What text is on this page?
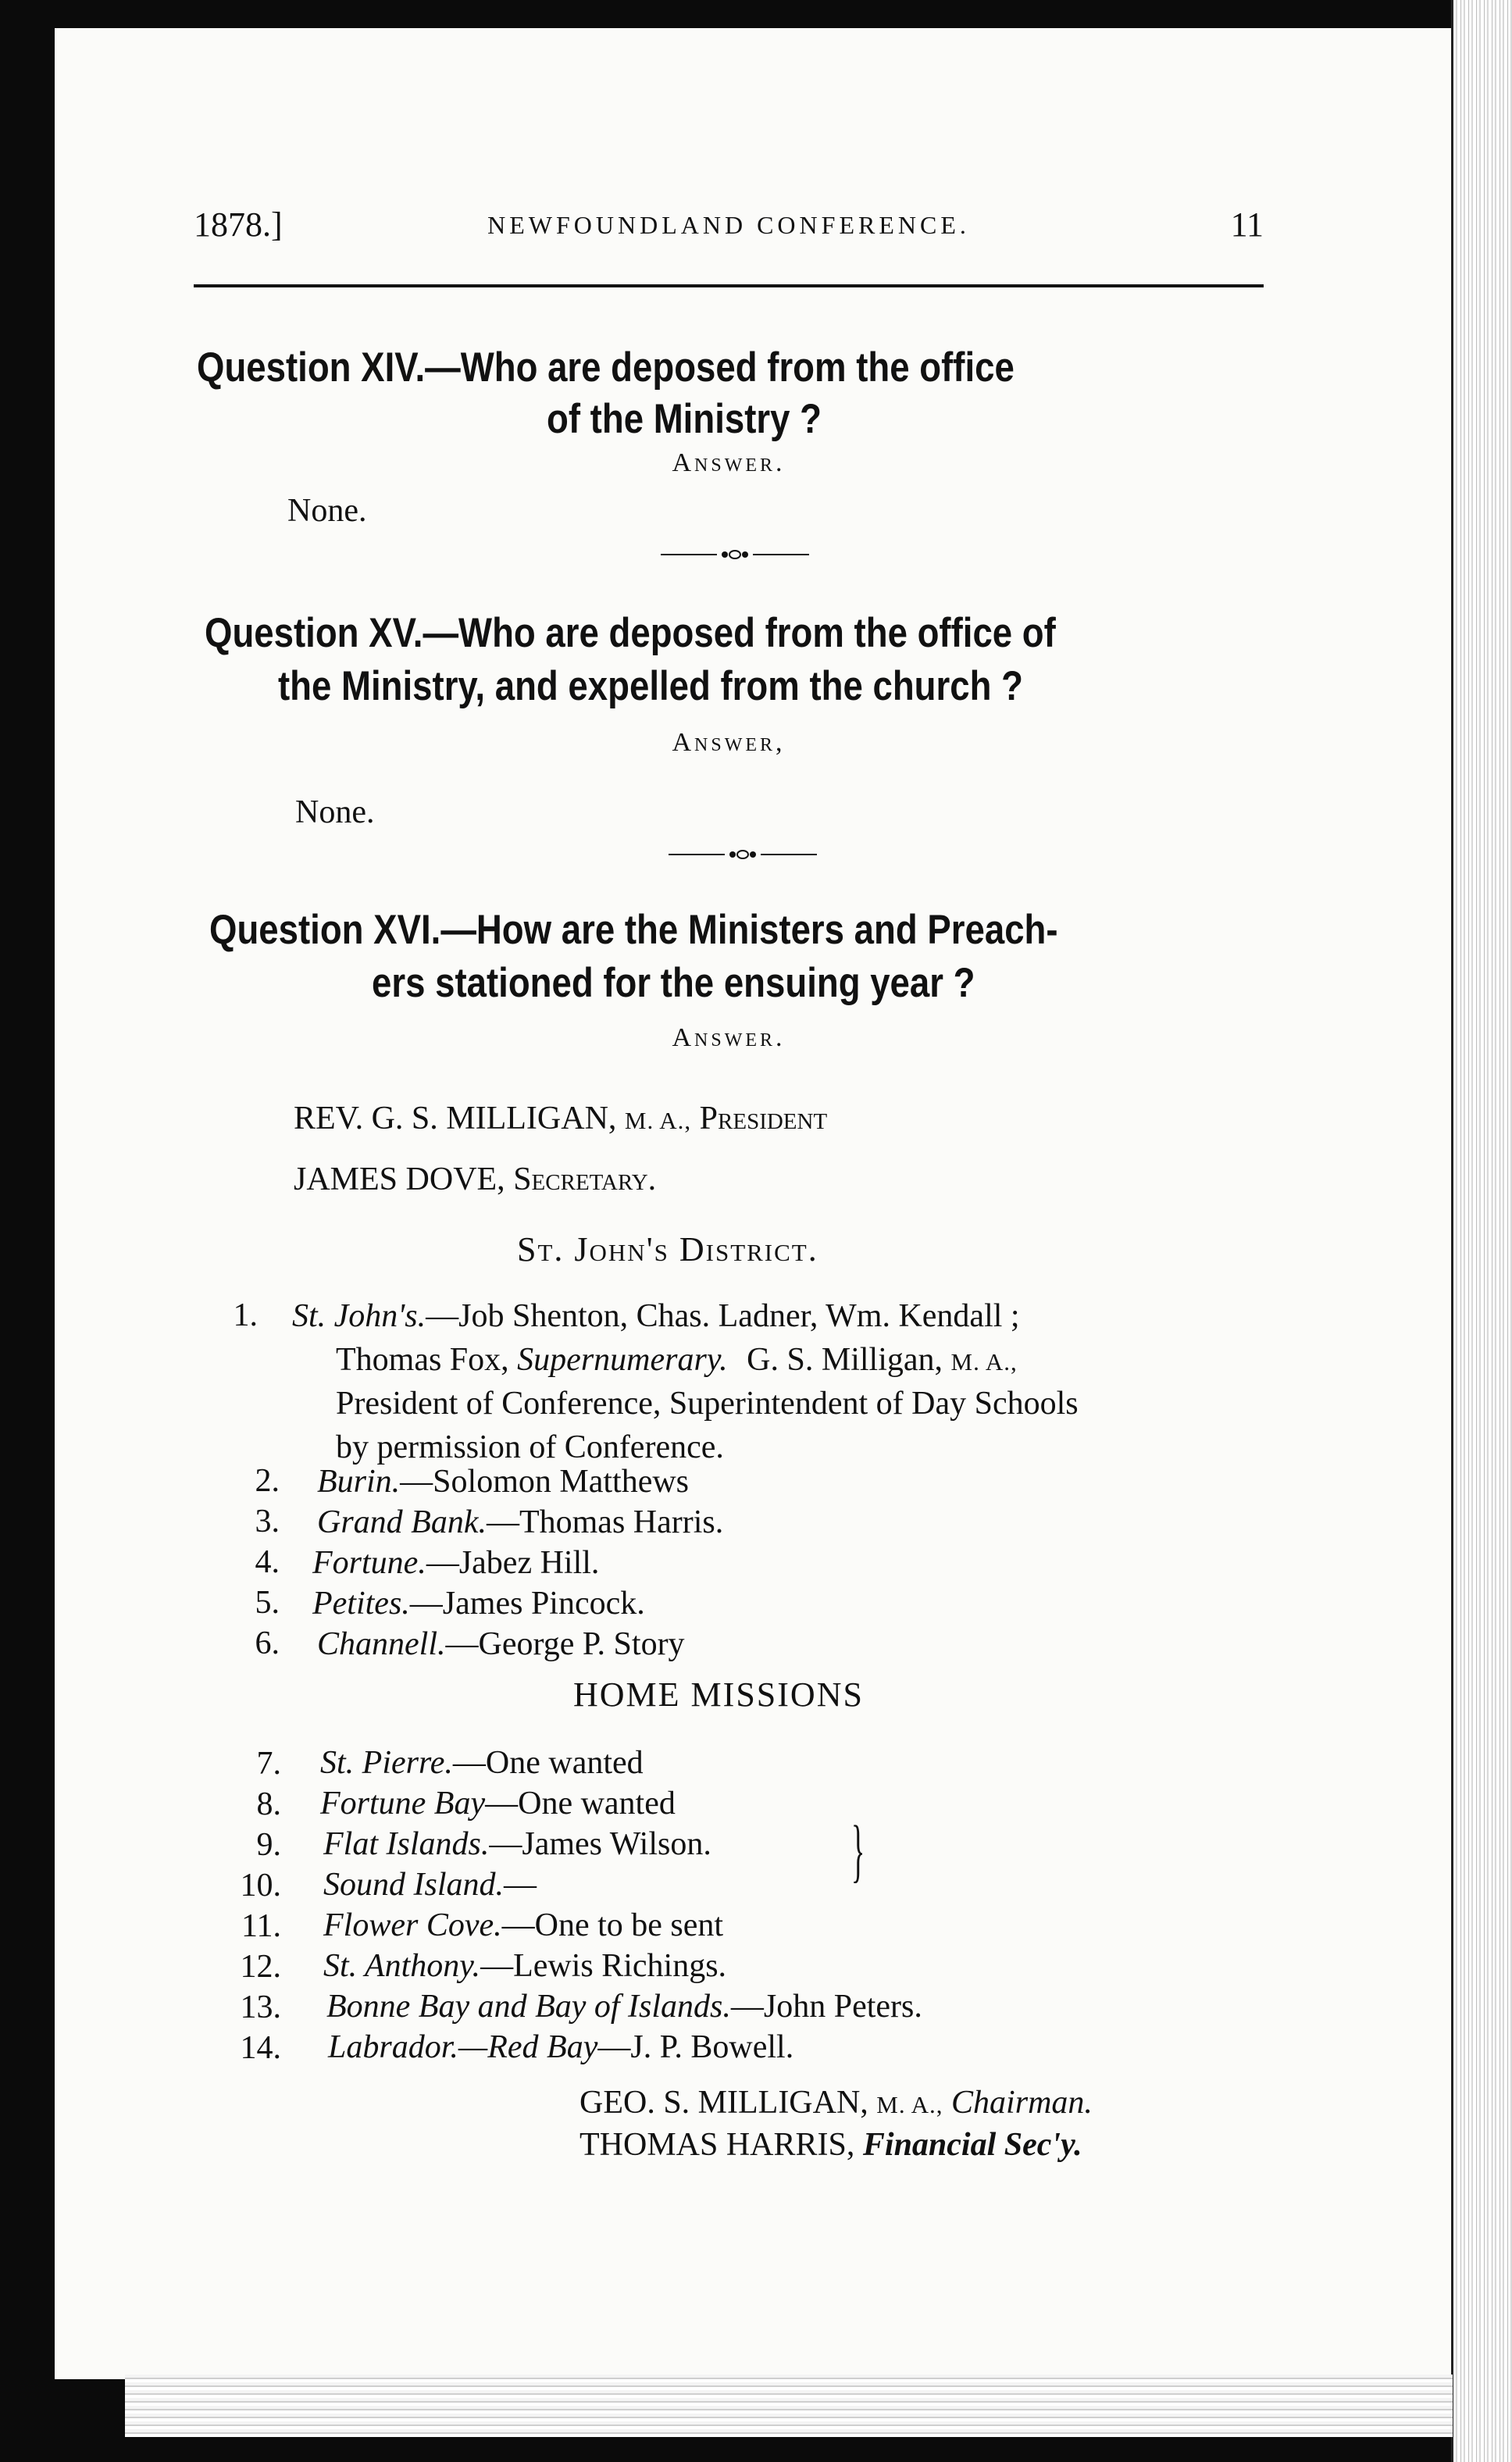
1878.]	NEWFOUNDLAND CONFERENCE.	11
Question XIV.—Who are deposed from the office
of the Ministry ?
Answer.
None.
Question XV.—Who are deposed from the office of
the Ministry, and expelled from the church ?
Answer,
None.
Question XVI.—How are the Ministers and Preach-
ers stationed for the ensuing year ?
Answer.
REV. G. S. MILLIGAN, M. A., President
JAMES DOVE, Secretary.
St. John's District.
1. St. John's.—Job Shenton, Chas. Ladner, Wm. Kendall ;
Thomas Fox, Supernumerary. G. S. Milligan, M. A.,
President of Conference, Superintendent of Day Schools
by permission of Conference.
2. Burin.—Solomon Matthews
3. Grand Bank.—Thomas Harris.
4. Fortune.—Jabez Hill.
5. Petites.—James Pincock.
6. Channell.—George P. Story
HOME MISSIONS
7. St. Pierre.—One wanted
8. Fortune Bay—One wanted
9. Flat Islands.—James Wilson.
10. Sound Island.—	}
11. Flower Cove.—One to be sent
12. St. Anthony.—Lewis Richings.
13. Bonne Bay and Bay of Islands.—John Peters.
14. Labrador.—Red Bay—J. P. Bowell.
GEO. S. MILLIGAN, M. A., Chairman.
THOMAS HARRIS, Financial Sec'y.
